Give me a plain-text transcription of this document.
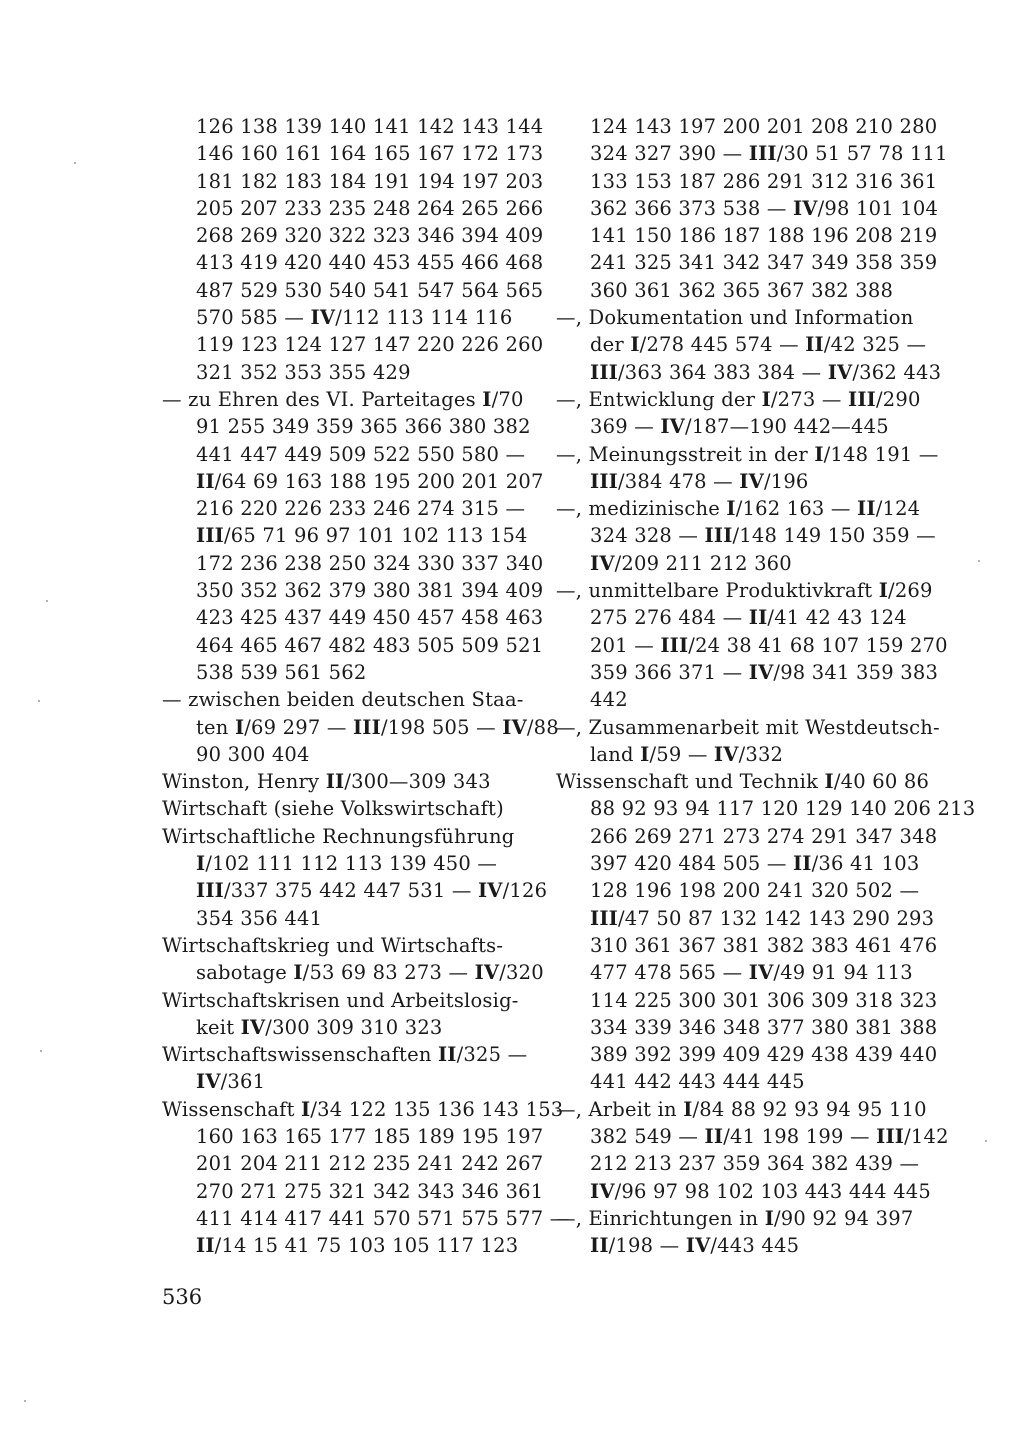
126 138 139 140 141 142 143 144
146 160 161 164 165 167 172 173
181 182 183 184 191 194 197 203
205 207 233 235 248 264 265 266
268 269 320 322 323 346 394 409
413 419 420 440 453 455 466 468
487 529 530 540 541 547 564 565
570 585 — IV/112 113 114 116
119 123 124 127 147 220 226 260
321 352 353 355 429
— zu Ehren des VI. Parteitages I/70
91 255 349 359 365 366 380 382
441 447 449 509 522 550 580 —
II/64 69 163 188 195 200 201 207
216 220 226 233 246 274 315 —
III/65 71 96 97 101 102 113 154
172 236 238 250 324 330 337 340
350 352 362 379 380 381 394 409
423 425 437 449 450 457 458 463
464 465 467 482 483 505 509 521
538 539 561 562
— zwischen beiden deutschen Staa-
ten I/69 297 — III/198 505 — IV/88
90 300 404
Winston, Henry II/300—309 343
Wirtschaft (siehe Volkswirtschaft)
Wirtschaftliche Rechnungsführung
I/102 111 112 113 139 450 —
III/337 375 442 447 531 — IV/126
354 356 441
Wirtschaftskrieg und Wirtschafts-
sabotage I/53 69 83 273 — IV/320
Wirtschaftskrisen und Arbeitslosig-
keit IV/300 309 310 323
Wirtschaftswissenschaften II/325 —
IV/361
Wissenschaft I/34 122 135 136 143 153
160 163 165 177 185 189 195 197
201 204 211 212 235 241 242 267
270 271 275 321 342 343 346 361
411 414 417 441 570 571 575 577 —
II/14 15 41 75 103 105 117 123
124 143 197 200 201 208 210 280
324 327 390 — III/30 51 57 78 111
133 153 187 286 291 312 316 361
362 366 373 538 — IV/98 101 104
141 150 186 187 188 196 208 219
241 325 341 342 347 349 358 359
360 361 362 365 367 382 388
—, Dokumentation und Information
der I/278 445 574 — II/42 325 —
III/363 364 383 384 — IV/362 443
—, Entwicklung der I/273 — III/290
369 — IV/187—190 442—445
—, Meinungsstreit in der I/148 191 —
III/384 478 — IV/196
—, medizinische I/162 163 — II/124
324 328 — III/148 149 150 359 —
IV/209 211 212 360
—, unmittelbare Produktivkraft I/269
275 276 484 — II/41 42 43 124
201 — III/24 38 41 68 107 159 270
359 366 371 — IV/98 341 359 383
442
—, Zusammenarbeit mit Westdeutsch-
land I/59 — IV/332
Wissenschaft und Technik I/40 60 86
88 92 93 94 117 120 129 140 206 213
266 269 271 273 274 291 347 348
397 420 484 505 — II/36 41 103
128 196 198 200 241 320 502 —
III/47 50 87 132 142 143 290 293
310 361 367 381 382 383 461 476
477 478 565 — IV/49 91 94 113
114 225 300 301 306 309 318 323
334 339 346 348 377 380 381 388
389 392 399 409 429 438 439 440
441 442 443 444 445
—, Arbeit in I/84 88 92 93 94 95 110
382 549 — II/41 198 199 — III/142
212 213 237 359 364 382 439 —
IV/96 97 98 102 103 443 444 445
—, Einrichtungen in I/90 92 94 397
II/198 — IV/443 445
536
